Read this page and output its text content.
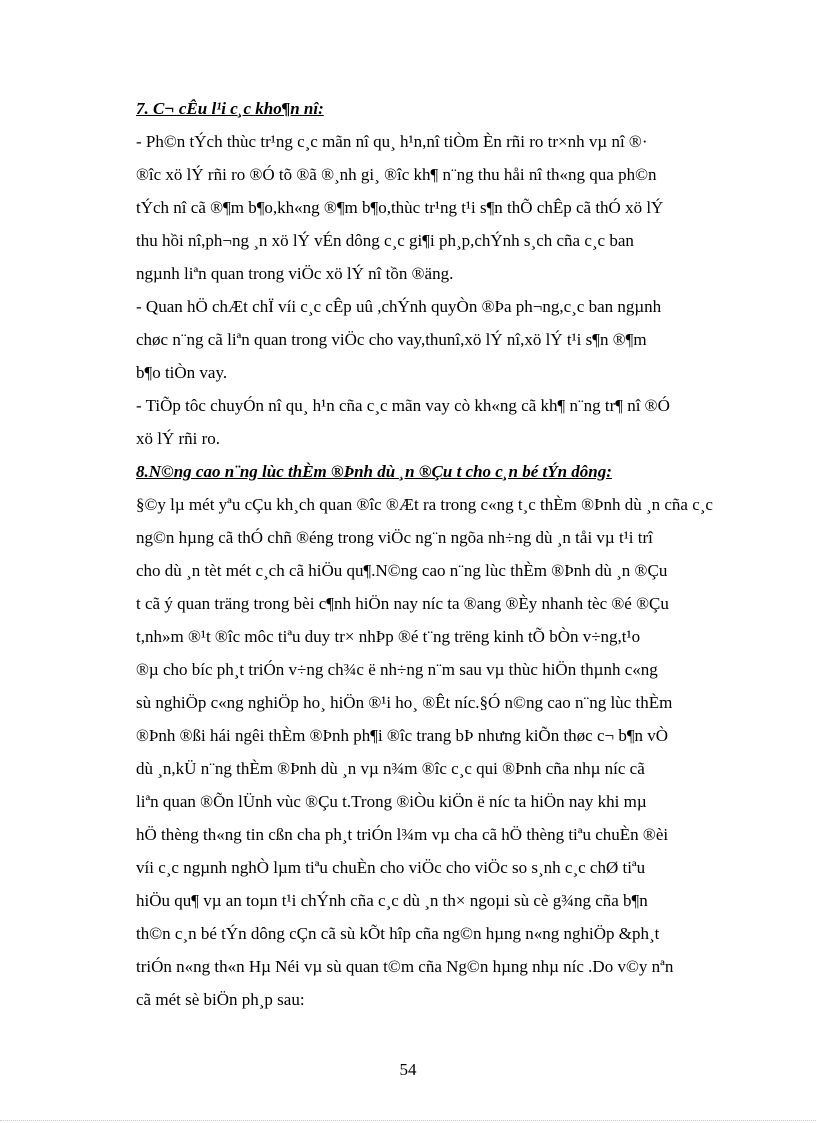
7. C¬ cÊu l¹i c¸c kho¶n nî:
- Ph©n tÝch thùc tr¹ng c¸c mãn nî qu¸ h¹n,nî tiÒm Èn rñi ro tr×nh vµ nî ®·
®îc xö lÝ rñi ro ®Ó tõ ®ã ®¸nh gi¸ ®îc kh¶ n¨ng thu håi nî th«ng qua ph©n
tÝch nî cã ®¶m b¶o,kh«ng ®¶m b¶o,thùc tr¹ng t¹i s¶n thÕ chÊp cã thÓ xö lÝ
thu hồi nî,ph¬ng ¸n xö lÝ vÉn dông c¸c gi¶i ph¸p,chÝnh s¸ch cña c¸c ban
ngµnh liªn quan trong viÖc xö lÝ nî tồn ®äng.
- Quan hÖ chÆt chÏ víi c¸c cÊp uû ,chÝnh quyÒn ®Þa ph¬ng,c¸c ban ngµnh
chøc n¨ng cã liªn quan trong viÖc cho vay,thunî,xö lÝ nî,xö lÝ t¹i s¶n ®¶m
b¶o tiÒn vay.
- TiÕp tôc chuyÓn nî qu¸ h¹n cña c¸c mãn vay cò kh«ng cã kh¶ n¨ng tr¶ nî ®Ó
xö lÝ rñi ro.
8.N©ng cao n¨ng lùc thÈm ®Þnh dù ¸n ®Çu t cho c¸n bé tÝn dông:
§©y lµ mét yªu cÇu kh¸ch quan ®îc ®Æt ra trong c«ng t¸c thÈm ®Þnh dù ¸n cña c¸c
ng©n hµng cã thÓ chñ ®éng trong viÖc ng¨n ngõa nh÷ng dù ¸n tåi vµ t¹i trî
cho dù ¸n tèt mét c¸ch cã hiÖu qu¶.N©ng cao n¨ng lùc thÈm ®Þnh dù ¸n ®Çu
t cã ý quan träng trong bèi c¶nh hiÖn nay níc ta ®ang ®Èy nhanh tèc ®é ®Çu
t,nh»m ®¹t ®îc môc tiªu duy tr× nhÞp ®é t¨ng trëng kinh tÕ bÒn v÷ng,t¹o
®µ cho bíc ph¸t triÓn v÷ng ch¾c ë nh÷ng n¨m sau vµ thùc hiÖn thµnh c«ng
sù nghiÖp c«ng nghiÖp ho¸ hiÖn ®¹i ho¸ ®Êt níc.§Ó n©ng cao n¨ng lùc thÈm
®Þnh ®ßi hái ngêi thÈm ®Þnh ph¶i ®îc trang bÞ nhưng kiÕn thøc c¬ b¶n vÒ
dù ¸n,kÜ n¨ng thÈm ®Þnh dù ¸n vµ n¾m ®îc c¸c qui ®Þnh cña nhµ níc cã
liªn quan ®Õn lÜnh vùc ®Çu t.Trong ®iÒu kiÖn ë níc ta hiÖn nay khi mµ
hÖ thèng th«ng tin cßn cha ph¸t triÓn l¾m vµ cha cã hÖ thèng tiªu chuÈn ®èi
víi c¸c ngµnh nghÒ lµm tiªu chuÈn cho viÖc cho viÖc so s¸nh c¸c chØ tiªu
hiÖu qu¶ vµ an toµn t¹i chÝnh cña c¸c dù ¸n th× ngoµi sù cè g¾ng cña b¶n
th©n c¸n bé tÝn dông cÇn cã sù kÕt hîp cña ng©n hµng n«ng nghiÖp &ph¸t
triÓn n«ng th«n Hµ Néi vµ sù quan t©m cña Ng©n hµng nhµ níc .Do v©y nªn
cã mét sè biÖn ph¸p sau:
54
